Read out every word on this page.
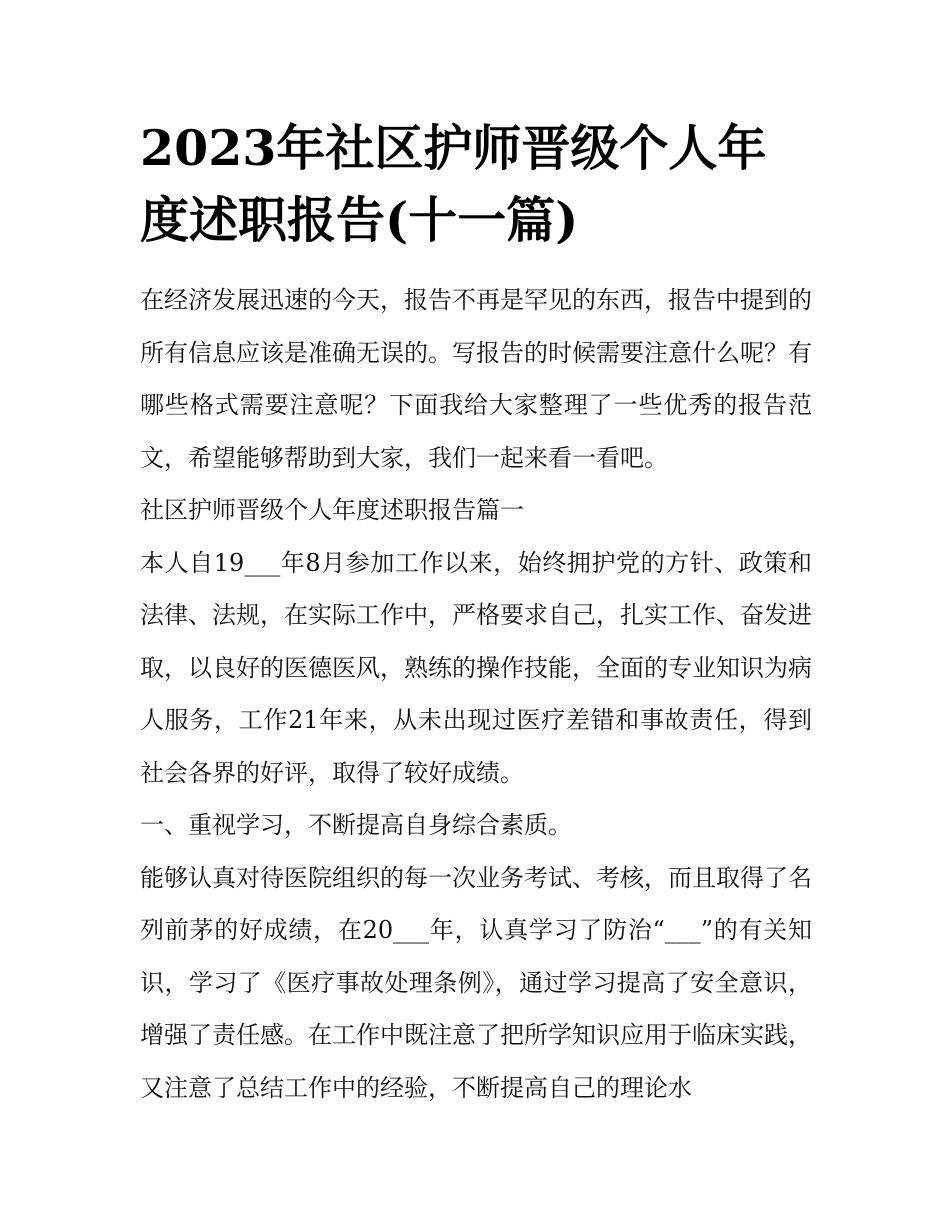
2023年社区护师晋级个人年度述职报告(十一篇)

在经济发展迅速的今天，报告不再是罕见的东西，报告中提到的所有信息应该是准确无误的。写报告的时候需要注意什么呢？有哪些格式需要注意呢？下面我给大家整理了一些优秀的报告范文，希望能够帮助到大家，我们一起来看一看吧。

社区护师晋级个人年度述职报告篇一

本人自19___年8月参加工作以来，始终拥护党的方针、政策和法律、法规，在实际工作中，严格要求自己，扎实工作、奋发进取，以良好的医德医风，熟练的操作技能，全面的专业知识为病人服务，工作21年来，从未出现过医疗差错和事故责任，得到社会各界的好评，取得了较好成绩。

一、重视学习，不断提高自身综合素质。

能够认真对待医院组织的每一次业务考试、考核，而且取得了名列前茅的好成绩，在20___年，认真学习了防治“___”的有关知识，学习了《医疗事故处理条例》，通过学习提高了安全意识，增强了责任感。在工作中既注意了把所学知识应用于临床实践，又注意了总结工作中的经验，不断提高自己的理论水
